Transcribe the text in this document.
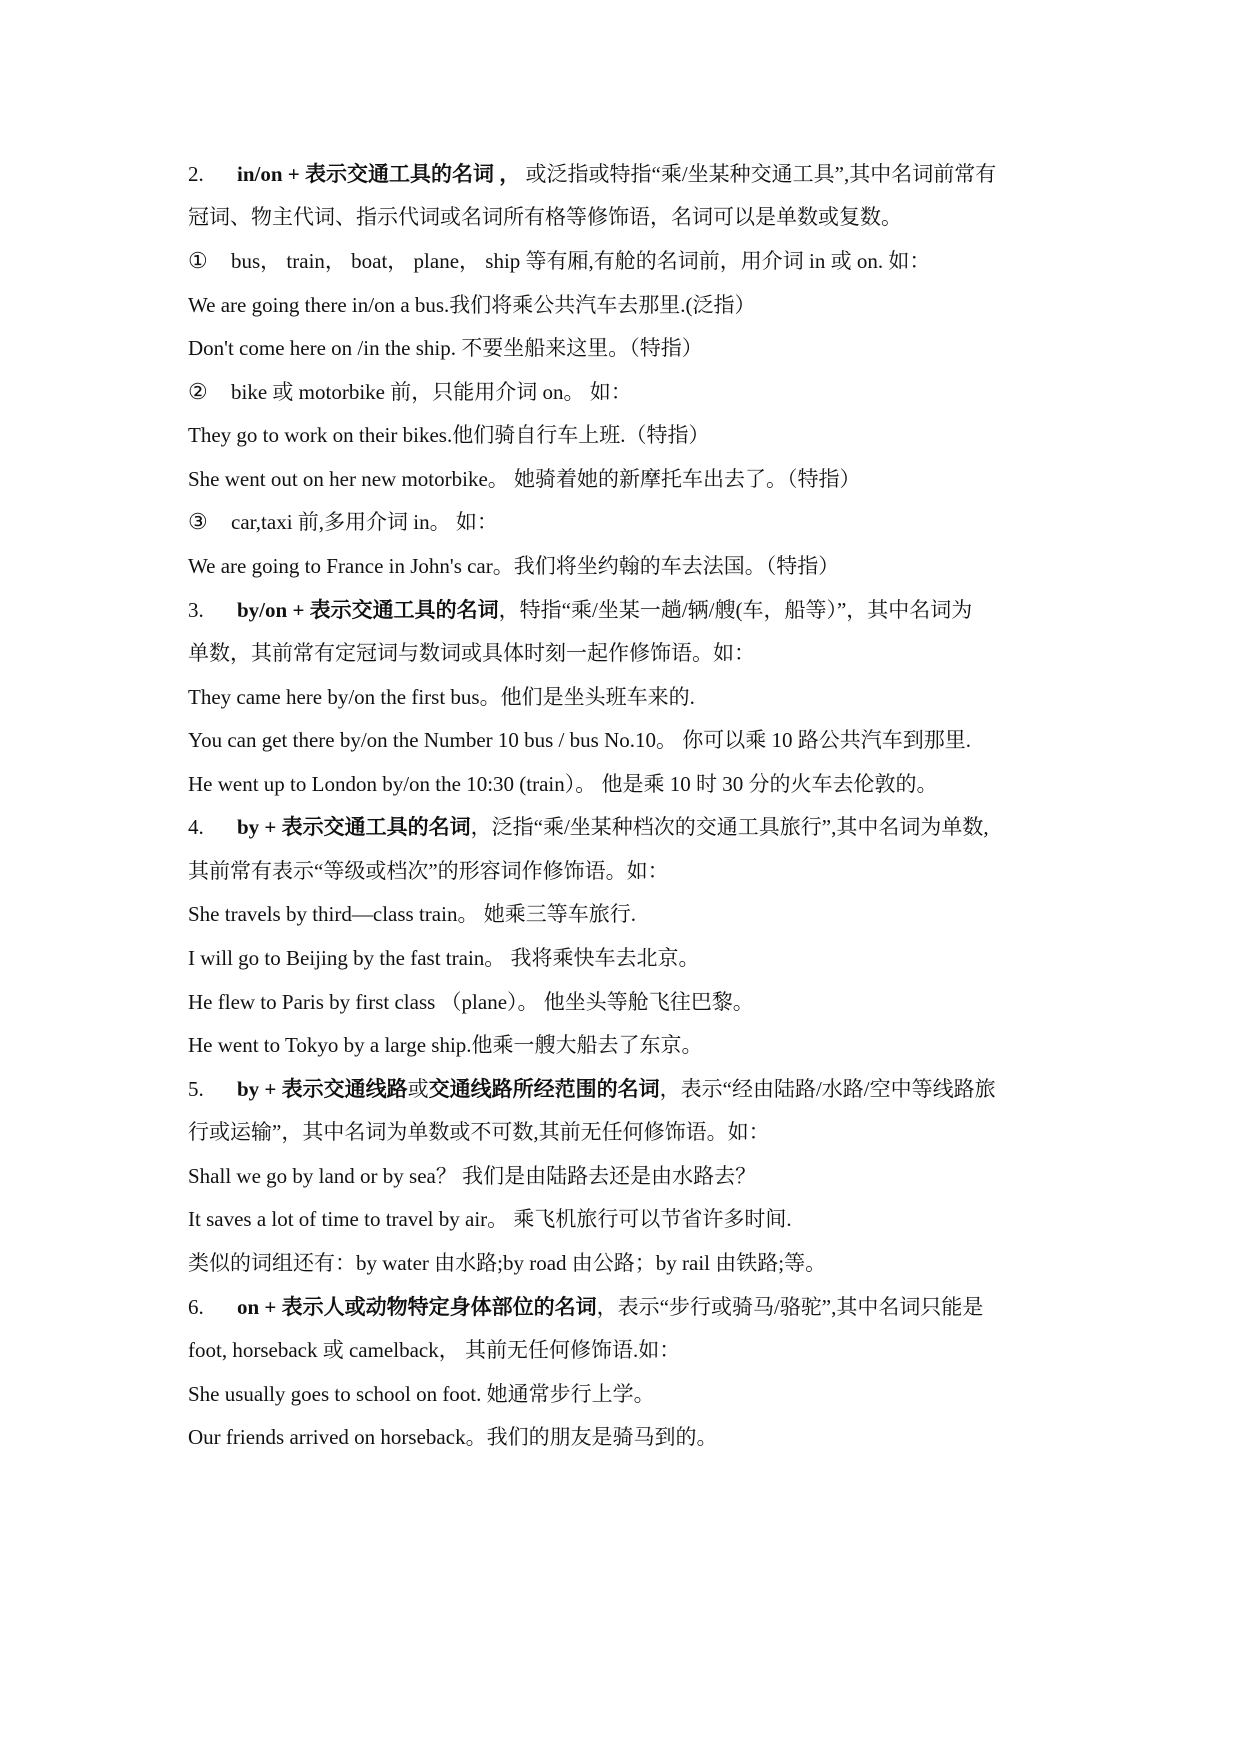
2. in/on + 表示交通工具的名词 ， 或泛指或特指“乘/坐某种交通工具”,其中名词前常有
冠词、物主代词、指示代词或名词所有格等修饰语，名词可以是单数或复数。
① bus， train， boat， plane， ship 等有厢,有舱的名词前，用介词 in 或 on. 如：
We are going there in/on a bus.我们将乘公共汽车去那里.(泛指）
Don't come here on /in the ship. 不要坐船来这里。（特指）
② bike 或 motorbike 前，只能用介词 on。 如：
They go to work on their bikes.他们骑自行车上班.（特指）
She went out on her new motorbike。 她骑着她的新摩托车出去了。（特指）
③ car,taxi 前,多用介词 in。 如：
We are going to France in John's car。我们将坐约翰的车去法国。（特指）
3. by/on + 表示交通工具的名词，特指“乘/坐某一趟/辆/艘(车，船等）”，其中名词为
单数，其前常有定冠词与数词或具体时刻一起作修饰语。如：
They came here by/on the first bus。他们是坐头班车来的.
You can get there by/on the Number 10 bus / bus No.10。 你可以乘 10 路公共汽车到那里.
He went up to London by/on the 10:30 (train）。 他是乘 10 时 30 分的火车去伦敦的。
4. by + 表示交通工具的名词，泛指“乘/坐某种档次的交通工具旅行”,其中名词为单数,
其前常有表示“等级或档次”的形容词作修饰语。如：
She travels by third—class train。 她乘三等车旅行.
I will go to Beijing by the fast train。 我将乘快车去北京。
He flew to Paris by first class （plane）。 他坐头等舱飞往巴黎。
He went to Tokyo by a large ship.他乘一艘大船去了东京。
5. by + 表示交通线路或交通线路所经范围的名词，表示“经由陆路/水路/空中等线路旅
行或运输”，其中名词为单数或不可数,其前无任何修饰语。如：
Shall we go by land or by sea？ 我们是由陆路去还是由水路去？
It saves a lot of time to travel by air。 乘飞机旅行可以节省许多时间.
类似的词组还有：by water 由水路;by road 由公路；by rail 由铁路;等。
6. on + 表示人或动物特定身体部位的名词，表示“步行或骑马/骆驼”,其中名词只能是
foot, horseback 或 camelback， 其前无任何修饰语.如：
She usually goes to school on foot. 她通常步行上学。
Our friends arrived on horseback。我们的朋友是骑马到的。
